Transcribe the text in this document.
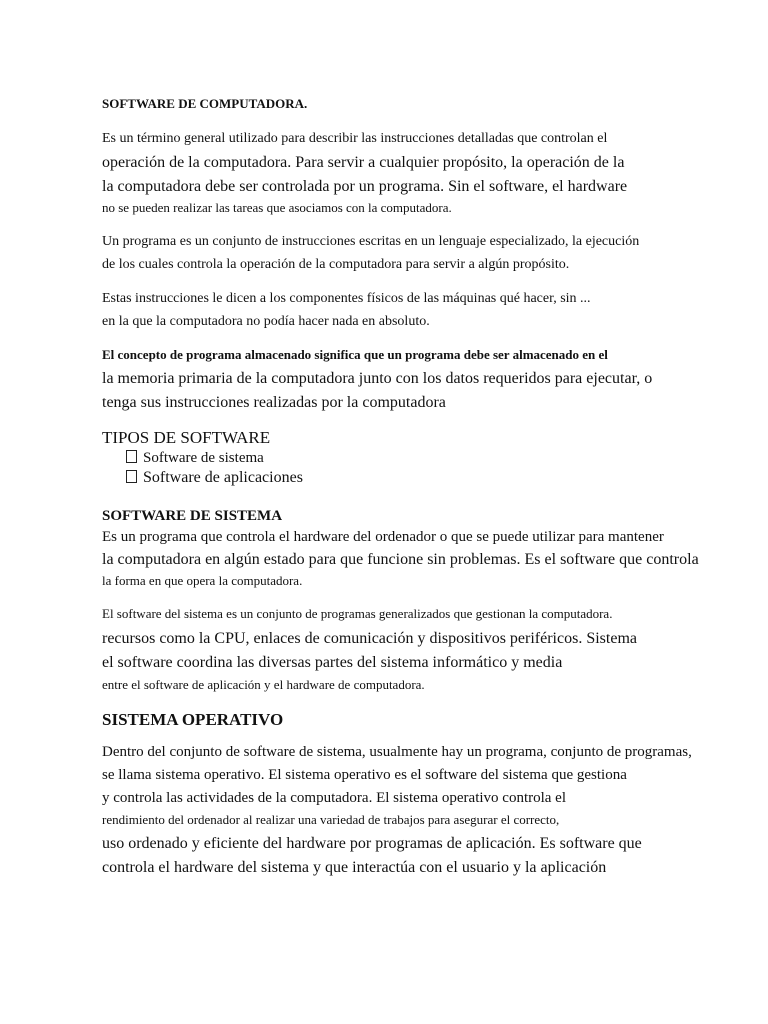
SOFTWARE DE COMPUTADORA.

Es un término general utilizado para describir las instrucciones detalladas que controlan el

operación de la computadora. Para servir a cualquier propósito, la operación de la

la computadora debe ser controlada por un programa. Sin el software, el hardware

no se pueden realizar las tareas que asociamos con la computadora.

Un programa es un conjunto de instrucciones escritas en un lenguaje especializado, la ejecución

de los cuales controla la operación de la computadora para servir a algún propósito.

Estas instrucciones le dicen a los componentes físicos de las máquinas qué hacer, sin ...

en la que la computadora no podía hacer nada en absoluto.

El concepto de programa almacenado significa que un programa debe ser almacenado en el

la memoria primaria de la computadora junto con los datos requeridos para ejecutar, o

tenga sus instrucciones realizadas por la computadora

TIPOS DE SOFTWARE

Software de sistema

Software de aplicaciones

SOFTWARE DE SISTEMA

Es un programa que controla el hardware del ordenador o que se puede utilizar para mantener

la computadora en algún estado para que funcione sin problemas. Es el software que controla

la forma en que opera la computadora.

El software del sistema es un conjunto de programas generalizados que gestionan la computadora.

recursos como la CPU, enlaces de comunicación y dispositivos periféricos. Sistema

el software coordina las diversas partes del sistema informático y media

entre el software de aplicación y el hardware de computadora.

SISTEMA OPERATIVO

Dentro del conjunto de software de sistema, usualmente hay un programa, conjunto de programas,

se llama sistema operativo. El sistema operativo es el software del sistema que gestiona

y controla las actividades de la computadora. El sistema operativo controla el

rendimiento del ordenador al realizar una variedad de trabajos para asegurar el correcto,

uso ordenado y eficiente del hardware por programas de aplicación. Es software que

controla el hardware del sistema y que interactúa con el usuario y la aplicación
